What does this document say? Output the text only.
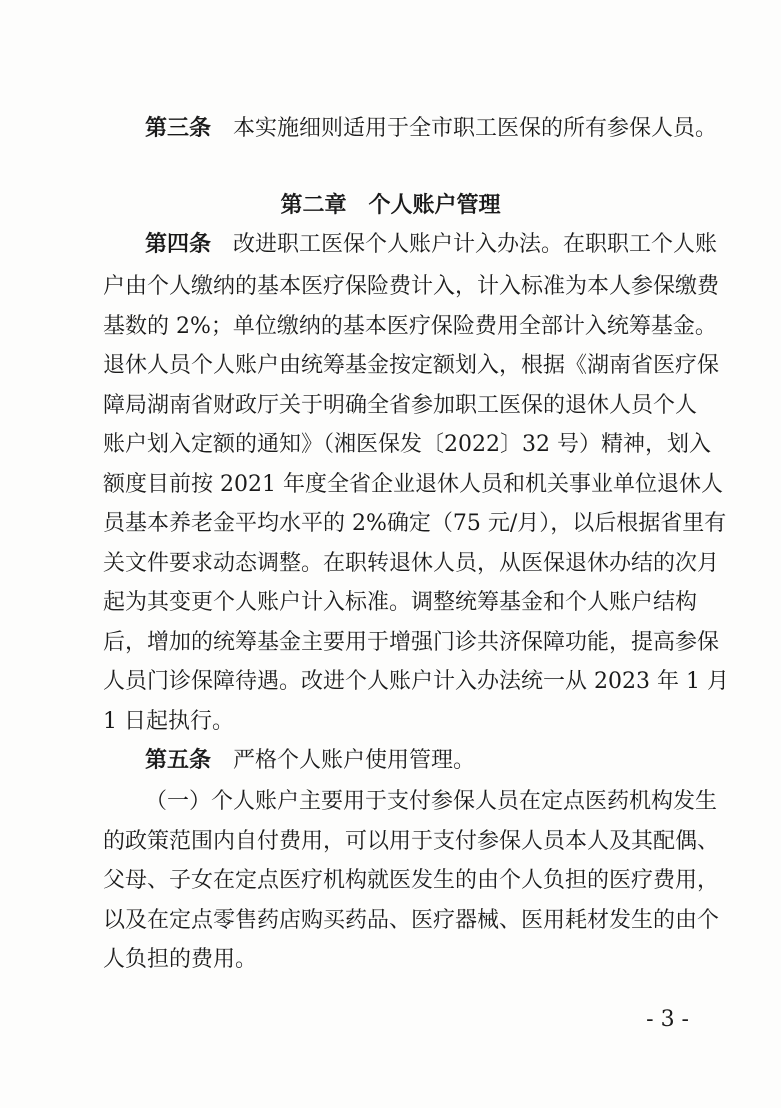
第三条 本实施细则适用于全市职工医保的所有参保人员。
第二章 个人账户管理
第四条 改进职工医保个人账户计入办法。在职职工个人账
户由个人缴纳的基本医疗保险费计入，计入标准为本人参保缴费
基数的 2%；单位缴纳的基本医疗保险费用全部计入统筹基金。
退休人员个人账户由统筹基金按定额划入，根据《湖南省医疗保
障局湖南省财政厅关于明确全省参加职工医保的退休人员个人
账户划入定额的通知》（湘医保发〔2022〕32 号）精神，划入
额度目前按 2021 年度全省企业退休人员和机关事业单位退休人
员基本养老金平均水平的 2%确定（75 元/月），以后根据省里有
关文件要求动态调整。在职转退休人员，从医保退休办结的次月
起为其变更个人账户计入标准。调整统筹基金和个人账户结构
后，增加的统筹基金主要用于增强门诊共济保障功能，提高参保
人员门诊保障待遇。改进个人账户计入办法统一从 2023 年 1 月
1 日起执行。
第五条 严格个人账户使用管理。
（一）个人账户主要用于支付参保人员在定点医药机构发生
的政策范围内自付费用，可以用于支付参保人员本人及其配偶、
父母、子女在定点医疗机构就医发生的由个人负担的医疗费用，
以及在定点零售药店购买药品、医疗器械、医用耗材发生的由个
人负担的费用。
- 3 -
